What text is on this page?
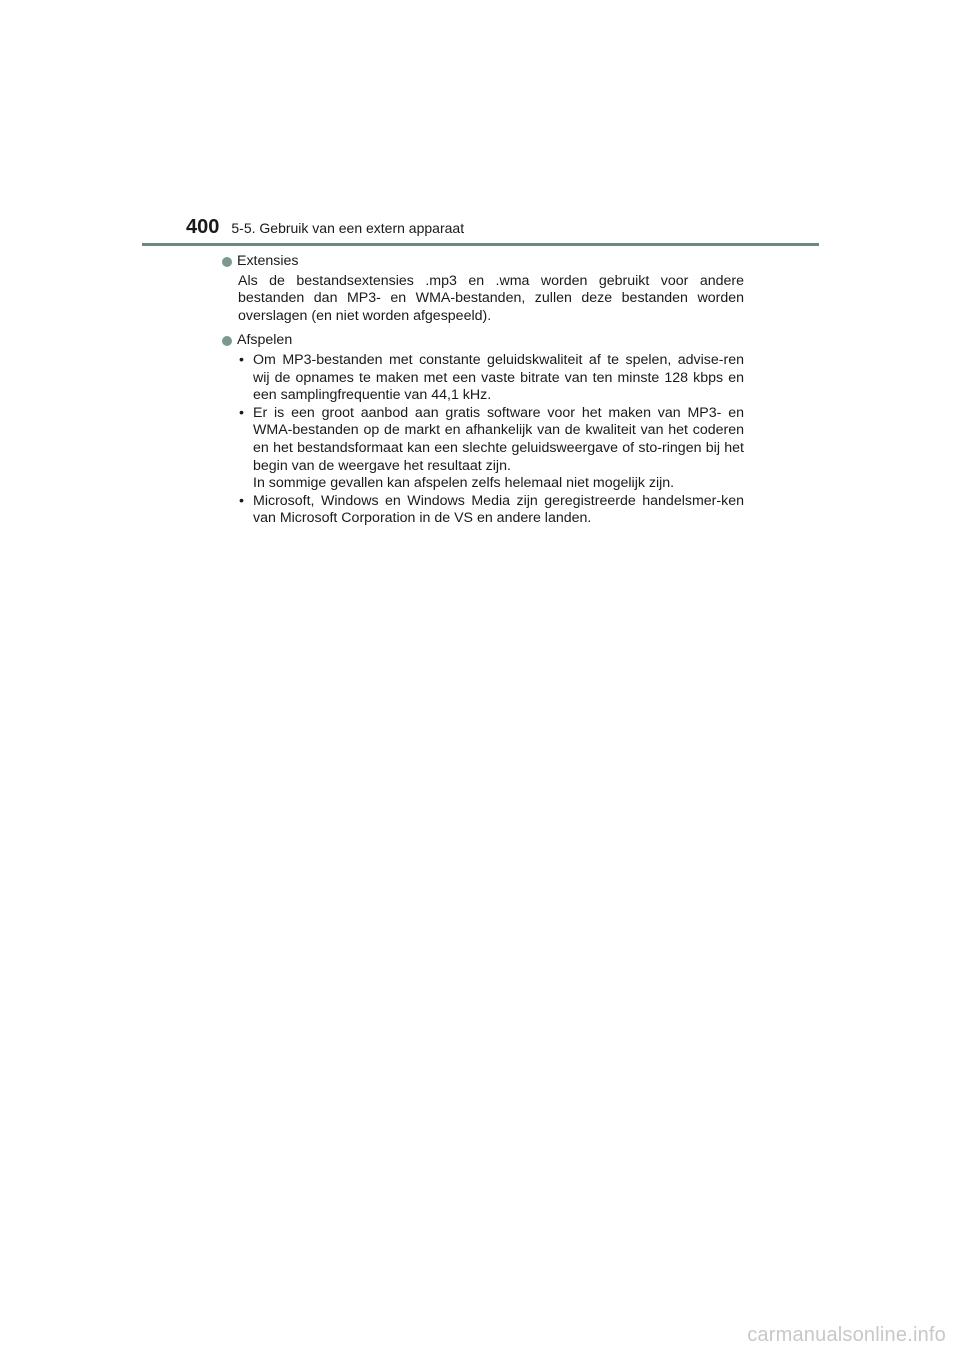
400 5-5. Gebruik van een extern apparaat
Extensies
Als de bestandsextensies .mp3 en .wma worden gebruikt voor andere bestanden dan MP3- en WMA-bestanden, zullen deze bestanden worden overslagen (en niet worden afgespeeld).
Afspelen
• Om MP3-bestanden met constante geluidskwaliteit af te spelen, advise-ren wij de opnames te maken met een vaste bitrate van ten minste 128 kbps en een samplingfrequentie van 44,1 kHz.
• Er is een groot aanbod aan gratis software voor het maken van MP3- en WMA-bestanden op de markt en afhankelijk van de kwaliteit van het coderen en het bestandsformaat kan een slechte geluidsweergave of sto-ringen bij het begin van de weergave het resultaat zijn.
In sommige gevallen kan afspelen zelfs helemaal niet mogelijk zijn.
• Microsoft, Windows en Windows Media zijn geregistreerde handelsmer-ken van Microsoft Corporation in de VS en andere landen.
carmanualsonline.info
